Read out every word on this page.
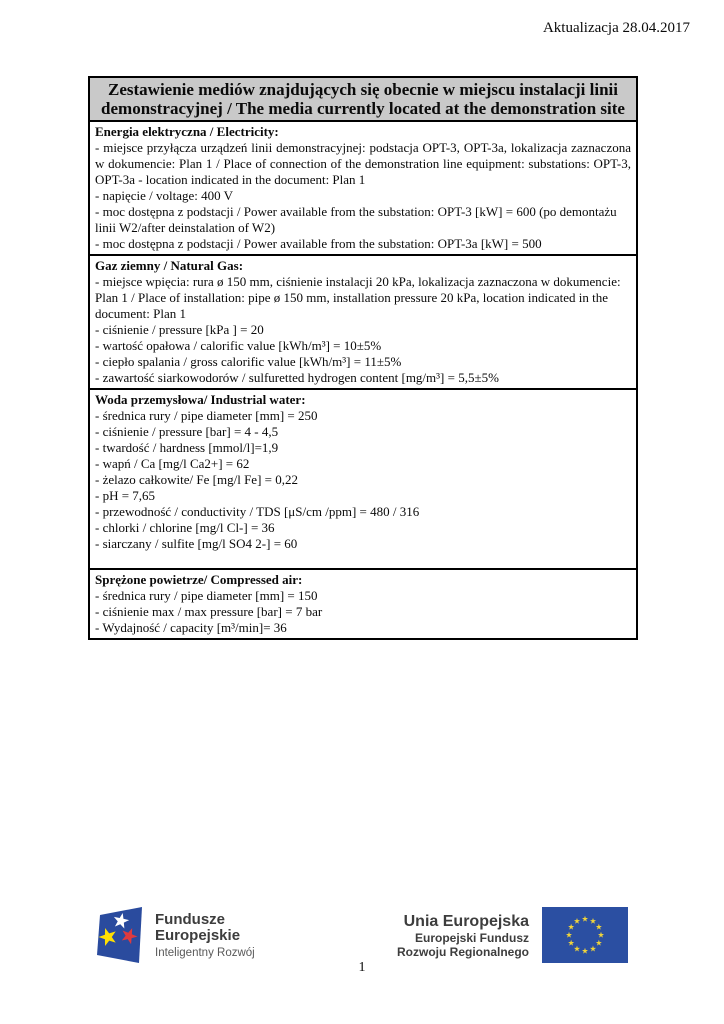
Aktualizacja 28.04.2017
Zestawienie mediów znajdujących się obecnie w miejscu instalacji linii demonstracyjnej / The media currently located at the demonstration site
Energia elektryczna / Electricity:
- miejsce przyłącza urządzeń linii demonstracyjnej: podstacja OPT-3, OPT-3a, lokalizacja zaznaczona w dokumencie: Plan 1 / Place of connection of the demonstration line equipment: substations: OPT-3, OPT-3a - location indicated in the document: Plan 1
- napięcie / voltage: 400 V
- moc dostępna z podstacji / Power available from the substation: OPT-3 [kW] = 600 (po demontażu linii W2/after deinstalation of W2)
- moc dostępna z podstacji / Power available from the substation: OPT-3a [kW] = 500
Gaz ziemny / Natural Gas:
- miejsce wpięcia: rura ø 150 mm, ciśnienie instalacji 20 kPa, lokalizacja zaznaczona w dokumencie: Plan 1 / Place of installation: pipe ø 150 mm, installation pressure 20 kPa, location indicated in the document: Plan 1
- ciśnienie / pressure [kPa ] = 20
- wartość opałowa / calorific value [kWh/m³] = 10±5%
- ciepło spalania / gross calorific value [kWh/m³] = 11±5%
- zawartość siarkowodorów / sulfuretted hydrogen content [mg/m³] = 5,5±5%
Woda przemysłowa/ Industrial water:
- średnica rury / pipe diameter [mm] = 250
- ciśnienie / pressure [bar] = 4 - 4,5
- twardość / hardness [mmol/l]=1,9
- wapń / Ca [mg/l Ca2+] = 62
- żelazo całkowite/ Fe [mg/l Fe] = 0,22
- pH = 7,65
- przewodność / conductivity / TDS [μS/cm /ppm] = 480 / 316
- chlorki / chlorine [mg/l Cl-] = 36
- siarczany / sulfite [mg/l SO4 2-] = 60
Sprężone powietrze/ Compressed air:
- średnica rury / pipe diameter [mm] = 150
- ciśnienie max / max pressure [bar] = 7 bar
- Wydajność / capacity [m³/min]= 36
Fundusze
Europejskie
Inteligentny Rozwój
Unia Europejska
Europejski Fundusz
Rozwoju Regionalnego
1
